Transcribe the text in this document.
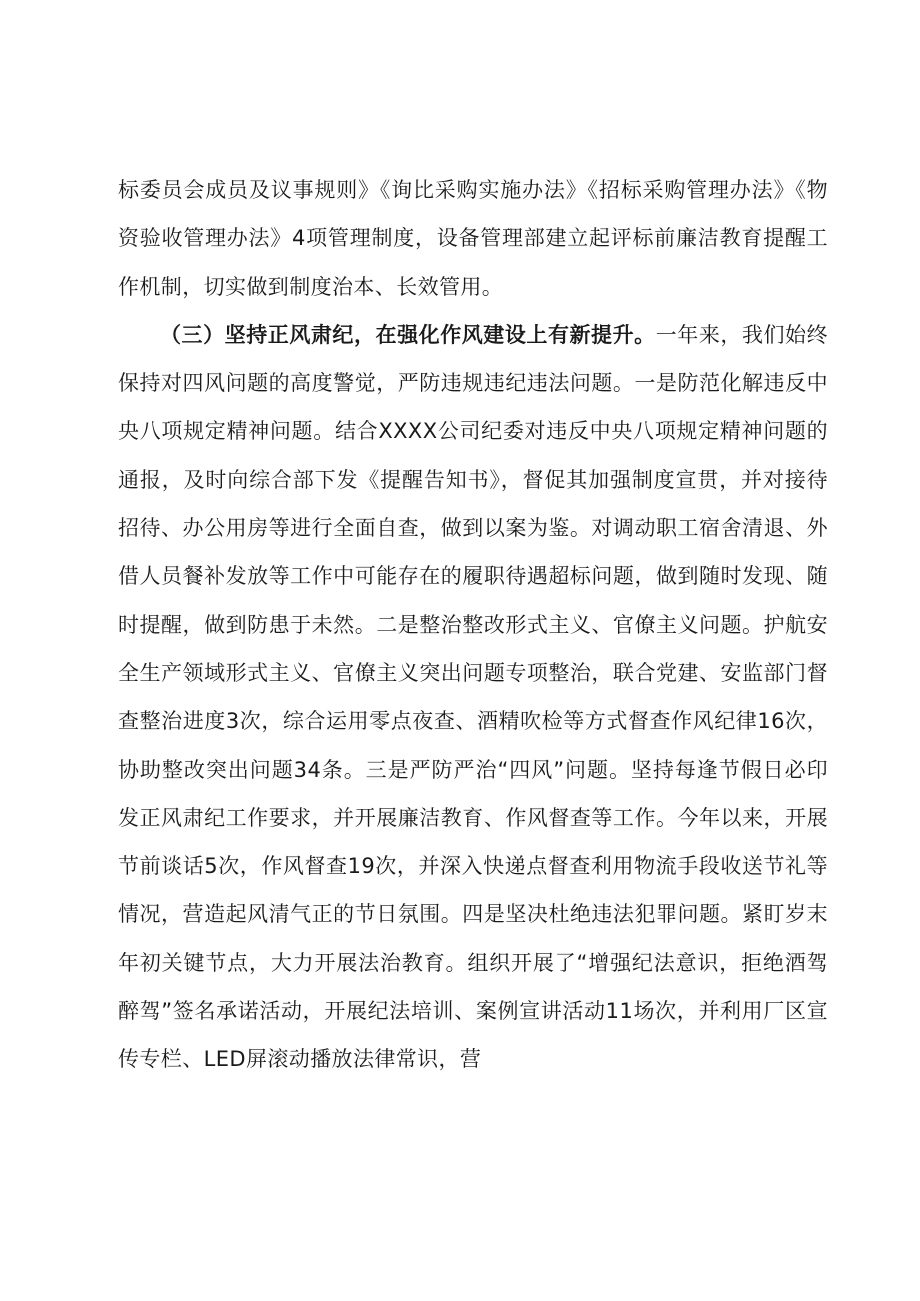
标委员会成员及议事规则》《询比采购实施办法》《招标采购管理办法》《物资验收管理办法》4项管理制度，设备管理部建立起评标前廉洁教育提醒工作机制，切实做到制度治本、长效管用。

（三）坚持正风肃纪，在强化作风建设上有新提升。一年来，我们始终保持对四风问题的高度警觉，严防违规违纪违法问题。一是防范化解违反中央八项规定精神问题。结合XXXX公司纪委对违反中央八项规定精神问题的通报，及时向综合部下发《提醒告知书》，督促其加强制度宣贯，并对接待招待、办公用房等进行全面自查，做到以案为鉴。对调动职工宿舍清退、外借人员餐补发放等工作中可能存在的履职待遇超标问题，做到随时发现、随时提醒，做到防患于未然。二是整治整改形式主义、官僚主义问题。护航安全生产领域形式主义、官僚主义突出问题专项整治，联合党建、安监部门督查整治进度3次，综合运用零点夜查、酒精吹检等方式督查作风纪律16次，协助整改突出问题34条。三是严防严治“四风”问题。坚持每逢节假日必印发正风肃纪工作要求，并开展廉洁教育、作风督查等工作。今年以来，开展节前谈话5次，作风督查19次，并深入快递点督查利用物流手段收送节礼等情况，营造起风清气正的节日氛围。四是坚决杜绝违法犯罪问题。紧盯岁末年初关键节点，大力开展法治教育。组织开展了“增强纪法意识，拒绝酒驾醉驾”签名承诺活动，开展纪法培训、案例宣讲活动11场次，并利用厂区宣传专栏、LED屏滚动播放法律常识，营
